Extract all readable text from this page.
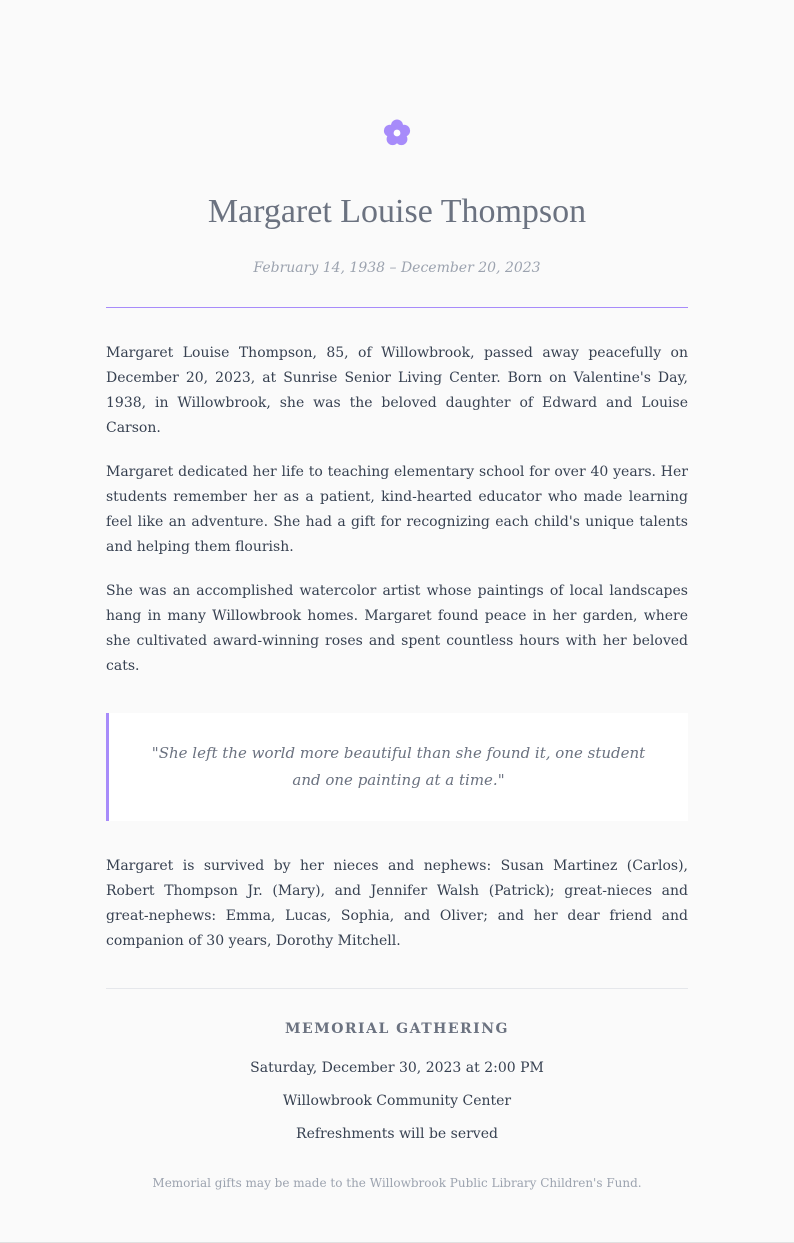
Margaret Louise Thompson
February 14, 1938 – December 20, 2023

Margaret Louise Thompson, 85, of Willowbrook, passed away peacefully on December 20, 2023, at Sunrise Senior Living Center. Born on Valentine's Day, 1938, in Willowbrook, she was the beloved daughter of Edward and Louise Carson.

Margaret dedicated her life to teaching elementary school for over 40 years. Her students remember her as a patient, kind-hearted educator who made learning feel like an adventure. She had a gift for recognizing each child's unique talents and helping them flourish.

She was an accomplished watercolor artist whose paintings of local landscapes hang in many Willowbrook homes. Margaret found peace in her garden, where she cultivated award-winning roses and spent countless hours with her beloved cats.

"She left the world more beautiful than she found it, one student and one painting at a time."

Margaret is survived by her nieces and nephews: Susan Martinez (Carlos), Robert Thompson Jr. (Mary), and Jennifer Walsh (Patrick); great-nieces and great-nephews: Emma, Lucas, Sophia, and Oliver; and her dear friend and companion of 30 years, Dorothy Mitchell.

MEMORIAL GATHERING
Saturday, December 30, 2023 at 2:00 PM
Willowbrook Community Center
Refreshments will be served
Memorial gifts may be made to the Willowbrook Public Library Children's Fund.
